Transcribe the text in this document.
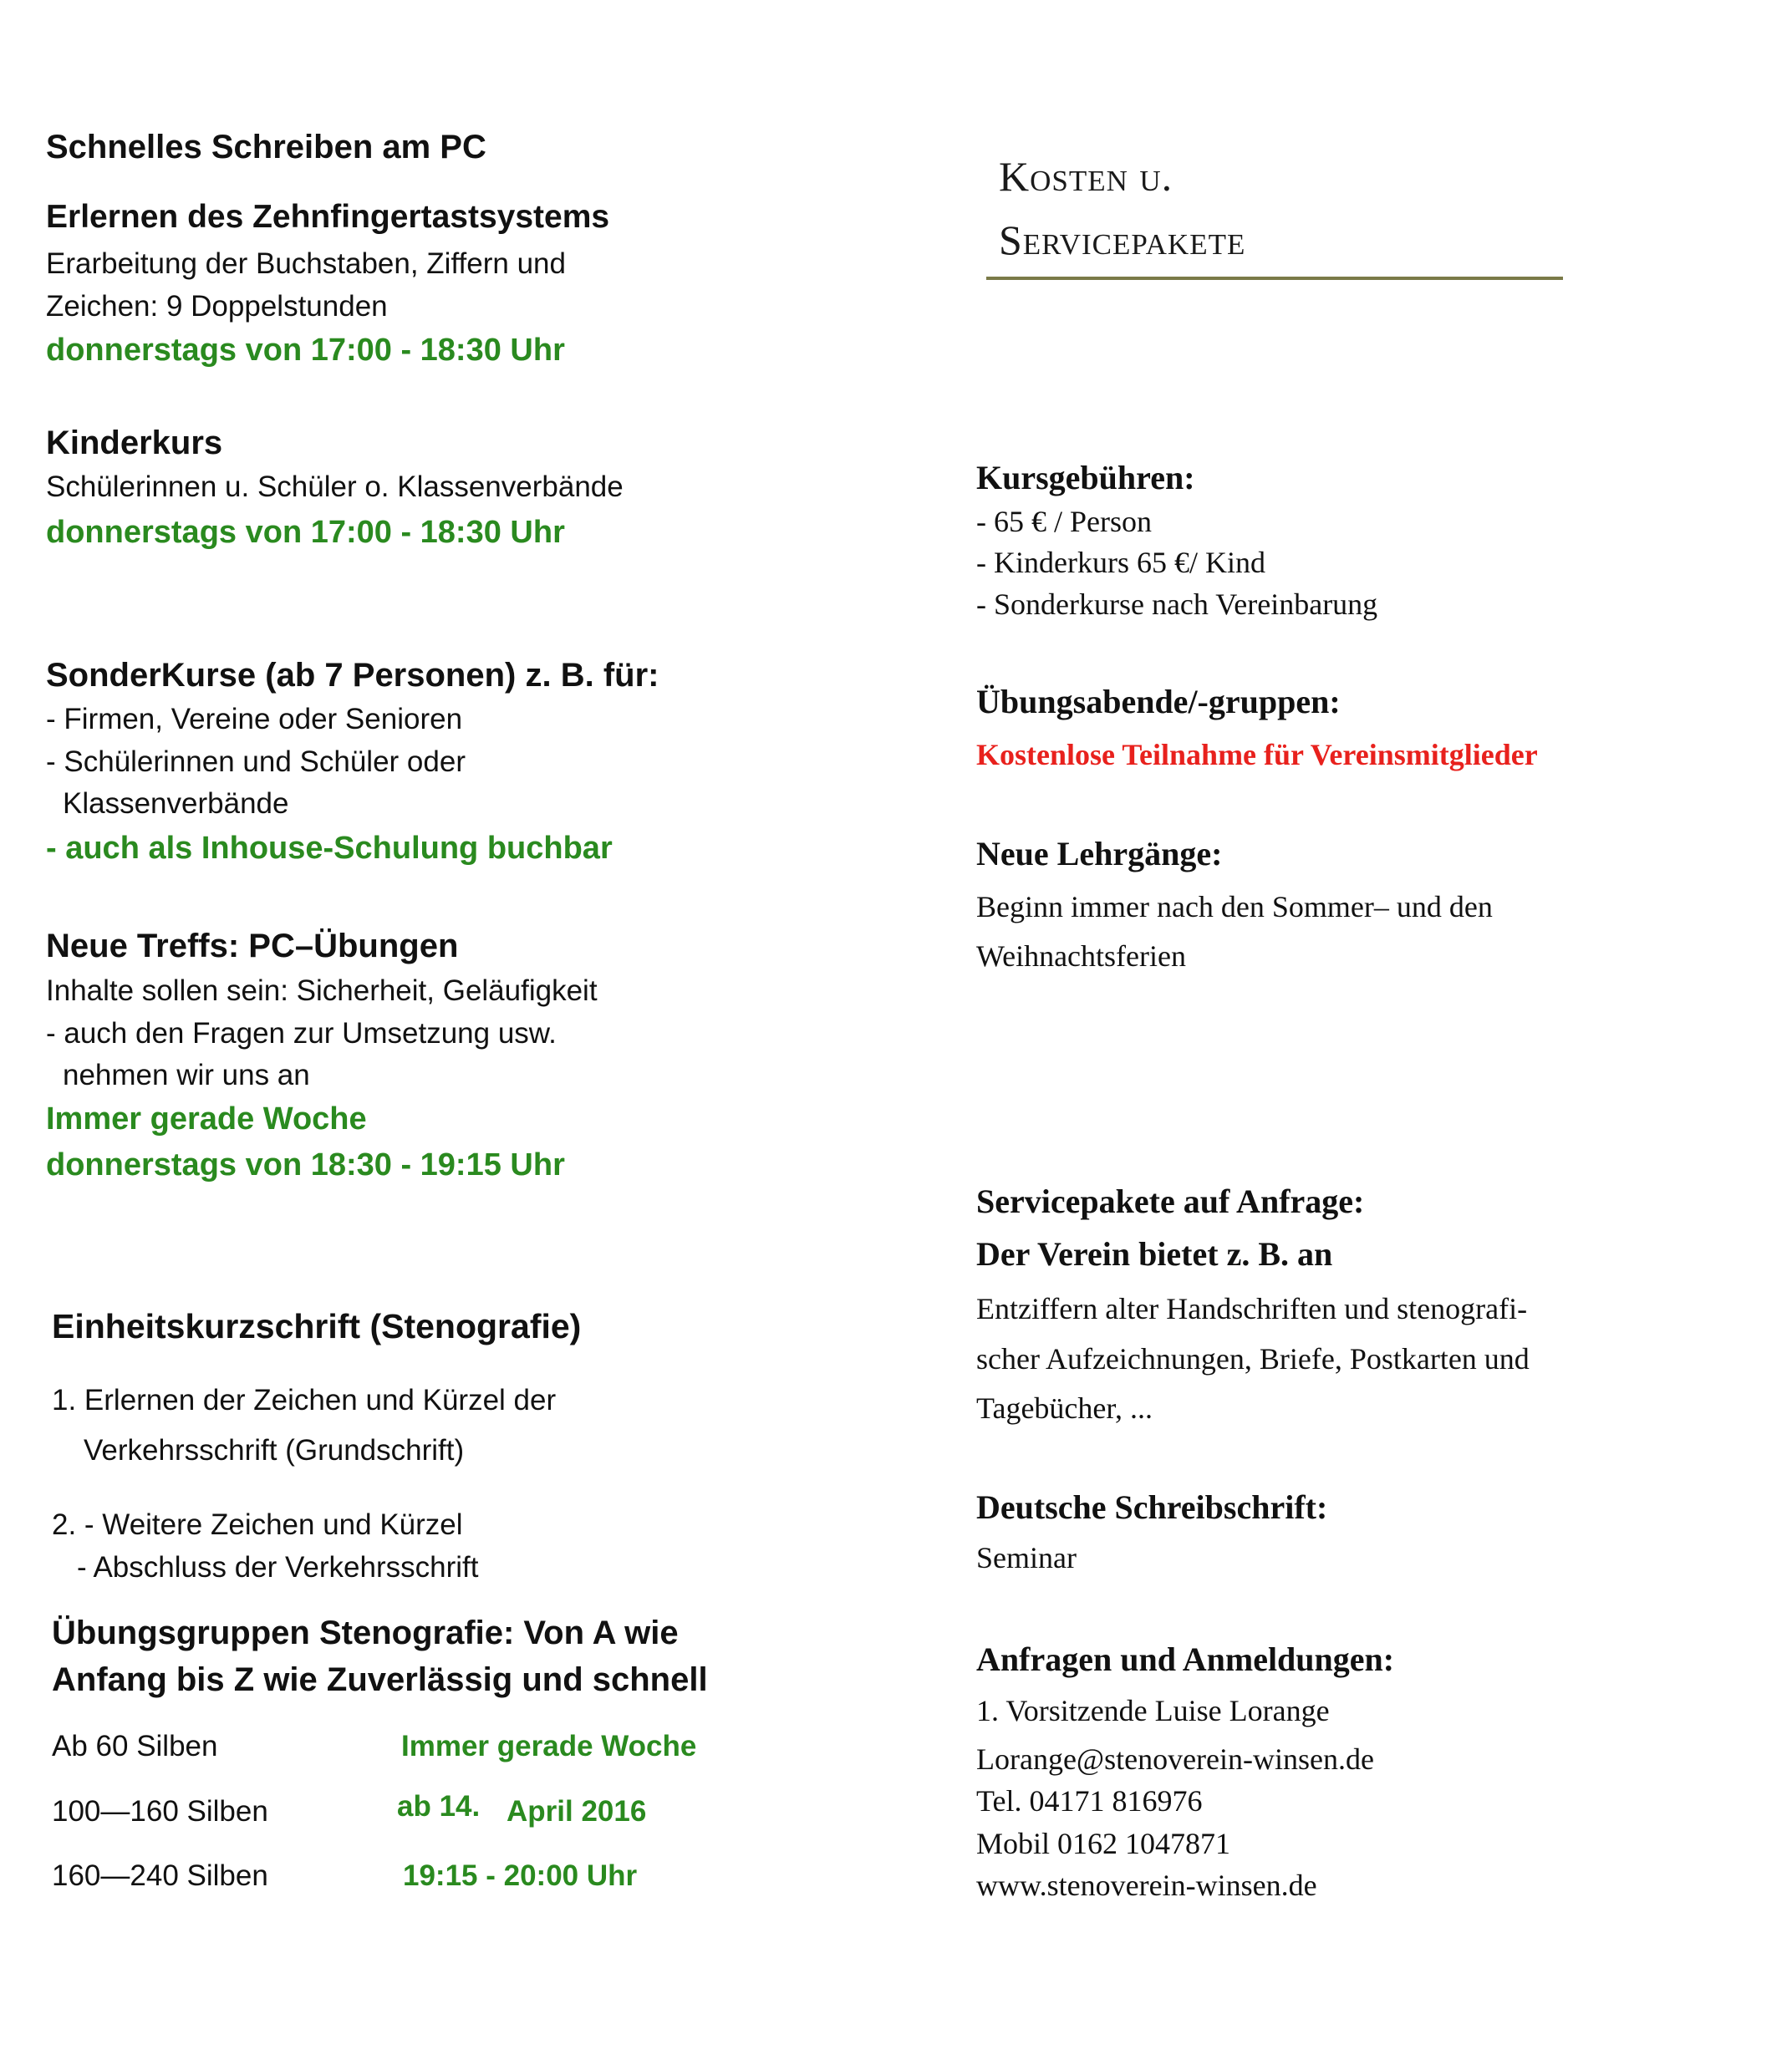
Schnelles Schreiben am PC
Erlernen des Zehnfingertastsystems
Erarbeitung der Buchstaben, Ziffern und
Zeichen: 9 Doppelstunden
donnerstags von 17:00 - 18:30 Uhr
Kinderkurs
Schülerinnen u. Schüler o. Klassenverbände
donnerstags von 17:00 - 18:30 Uhr
SonderKurse (ab 7 Personen) z. B. für:
- Firmen, Vereine oder Senioren
- Schülerinnen und Schüler oder
Klassenverbände
- auch als Inhouse-Schulung buchbar
Neue Treffs: PC–Übungen
Inhalte sollen sein: Sicherheit, Geläufigkeit
- auch den Fragen zur Umsetzung usw.
nehmen wir uns an
Immer gerade Woche
donnerstags von 18:30 - 19:15 Uhr
Einheitskurzschrift (Stenografie)
1. Erlernen der Zeichen und Kürzel der
Verkehrsschrift (Grundschrift)
2. - Weitere Zeichen und Kürzel
- Abschluss der Verkehrsschrift
Übungsgruppen Stenografie: Von A wie
Anfang bis Z wie Zuverlässig und schnell
Ab 60 Silben	Immer gerade Woche
100—160 Silben	ab 14. April 2016
160—240 Silben	19:15 - 20:00 Uhr
Kosten u.
Servicepakete
Kursgebühren:
- 65 € / Person
- Kinderkurs 65 €/ Kind
- Sonderkurse nach Vereinbarung
Übungsabende/-gruppen:
Kostenlose Teilnahme für Vereinsmitglieder
Neue Lehrgänge:
Beginn immer nach den Sommer– und den
Weihnachtsferien
Servicepakete auf Anfrage:
Der Verein bietet z. B. an
Entziffern alter Handschriften und stenografi-
scher Aufzeichnungen, Briefe, Postkarten und
Tagebücher, ...
Deutsche Schreibschrift:
Seminar
Anfragen und Anmeldungen:
1. Vorsitzende Luise Lorange
Lorange@stenoverein-winsen.de
Tel. 04171 816976
Mobil 0162 1047871
www.stenoverein-winsen.de
